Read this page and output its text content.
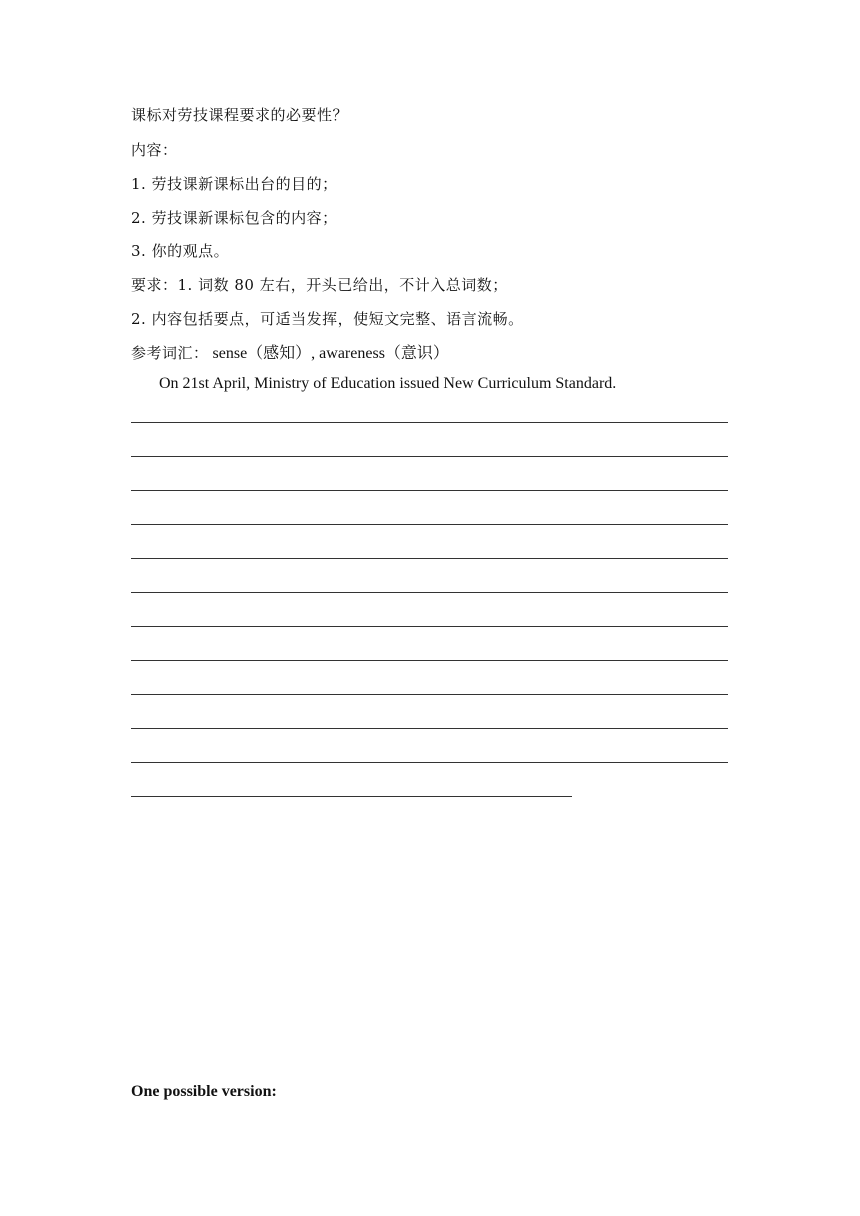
课标对劳技课程要求的必要性？
内容：
1. 劳技课新课标出台的目的；
2. 劳技课新课标包含的内容；
3. 你的观点。
要求：1. 词数 80 左右，开头已给出，不计入总词数；
2. 内容包括要点，可适当发挥，使短文完整、语言流畅。
参考词汇： sense（感知）, awareness（意识）
On 21st April, Ministry of Education issued New Curriculum Standard.
One possible version:
